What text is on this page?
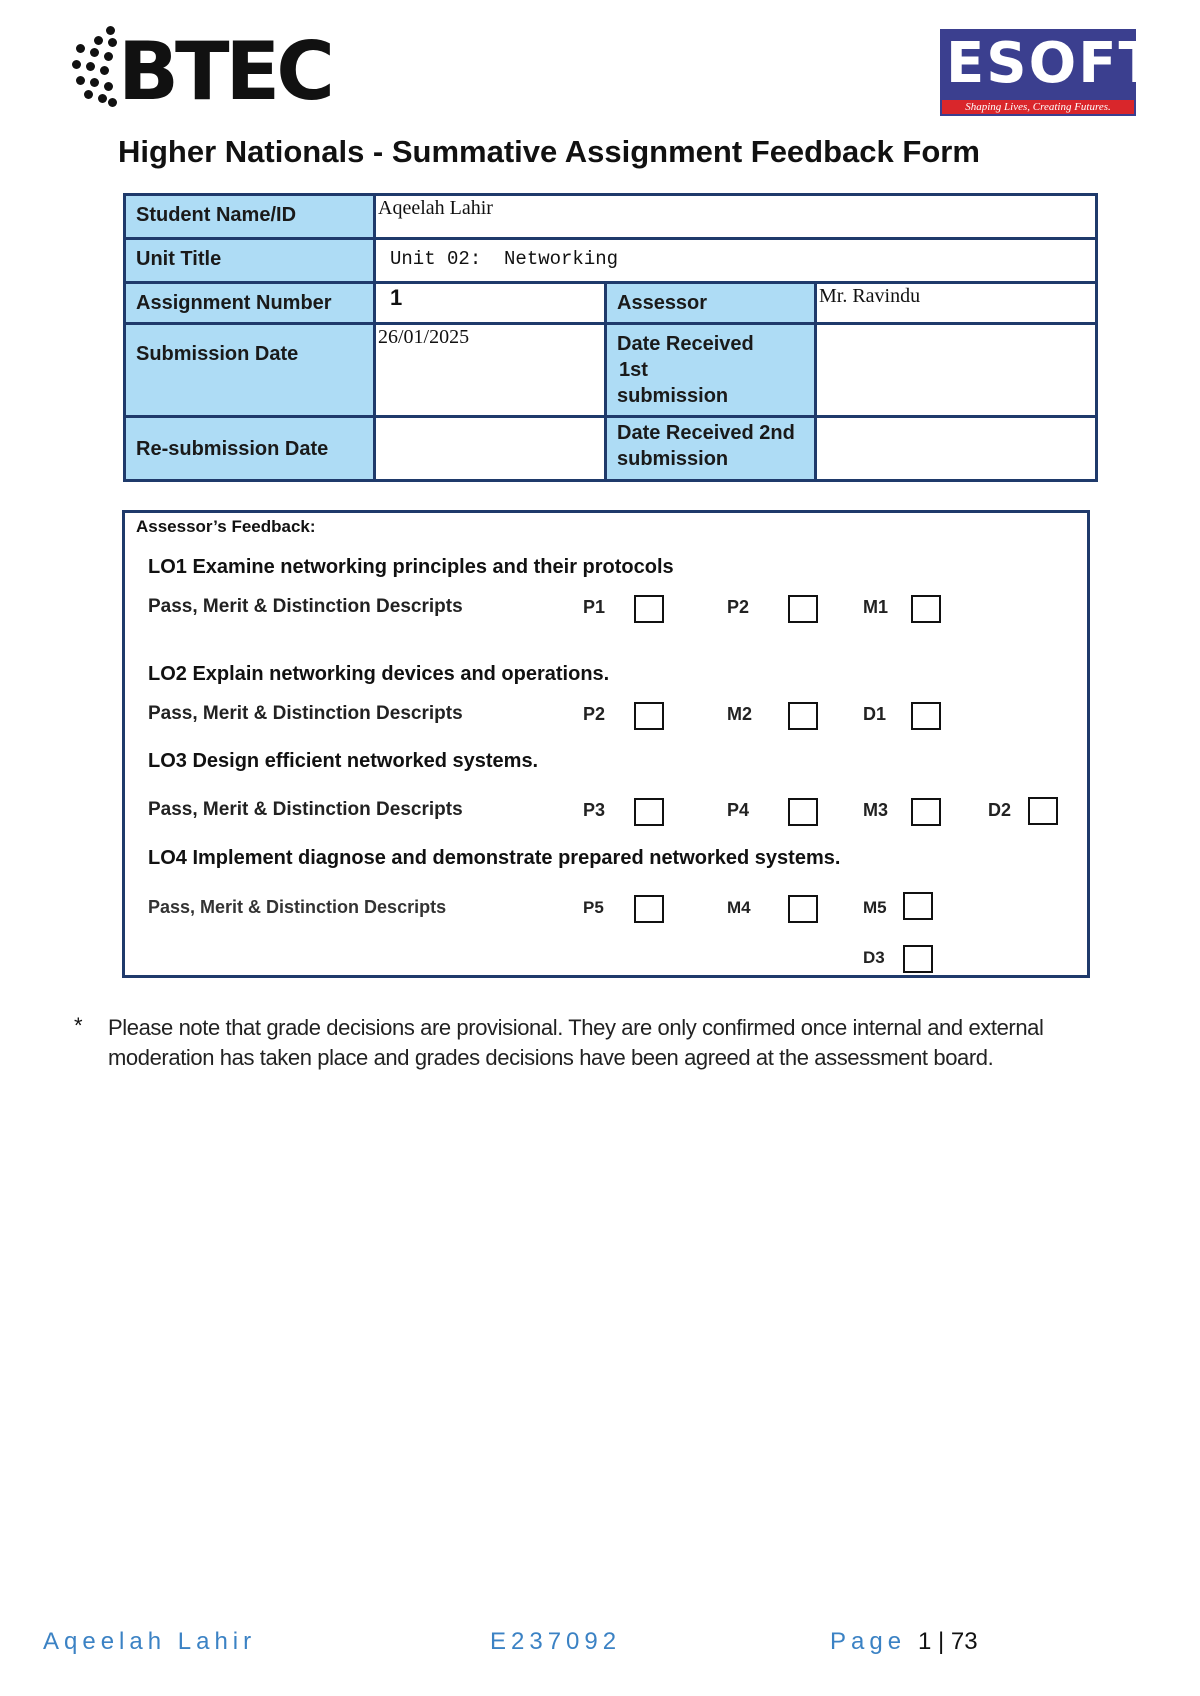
BTEC	ESOFT
Shaping Lives, Creating Futures.
Higher Nationals - Summative Assignment Feedback Form
Student Name/ID	Aqeelah Lahir		

Unit Title	Unit 02:  Networking		

Assignment Number	1	Assessor	Mr. Ravindu

Submission Date	26/01/2025	Date Received
1st
submission	

Re-submission Date		Date Received 2nd
submission	

Assessor’s Feedback:
LO1 Examine networking principles and their protocols
Pass, Merit & Distinction Descripts	P1	P2	M1
LO2 Explain networking devices and operations.
Pass, Merit & Distinction Descripts	P2	M2	D1
LO3 Design efficient networked systems.
Pass, Merit & Distinction Descripts	P3	P4	M3	D2
LO4 Implement diagnose and demonstrate prepared networked systems.
Pass, Merit & Distinction Descripts	P5	M4	M5
D3
* Please note that grade decisions are provisional. They are only confirmed once internal and external moderation has taken place and grades decisions have been agreed at the assessment board.
Aqeelah Lahir	E237092	Page 1 | 73
